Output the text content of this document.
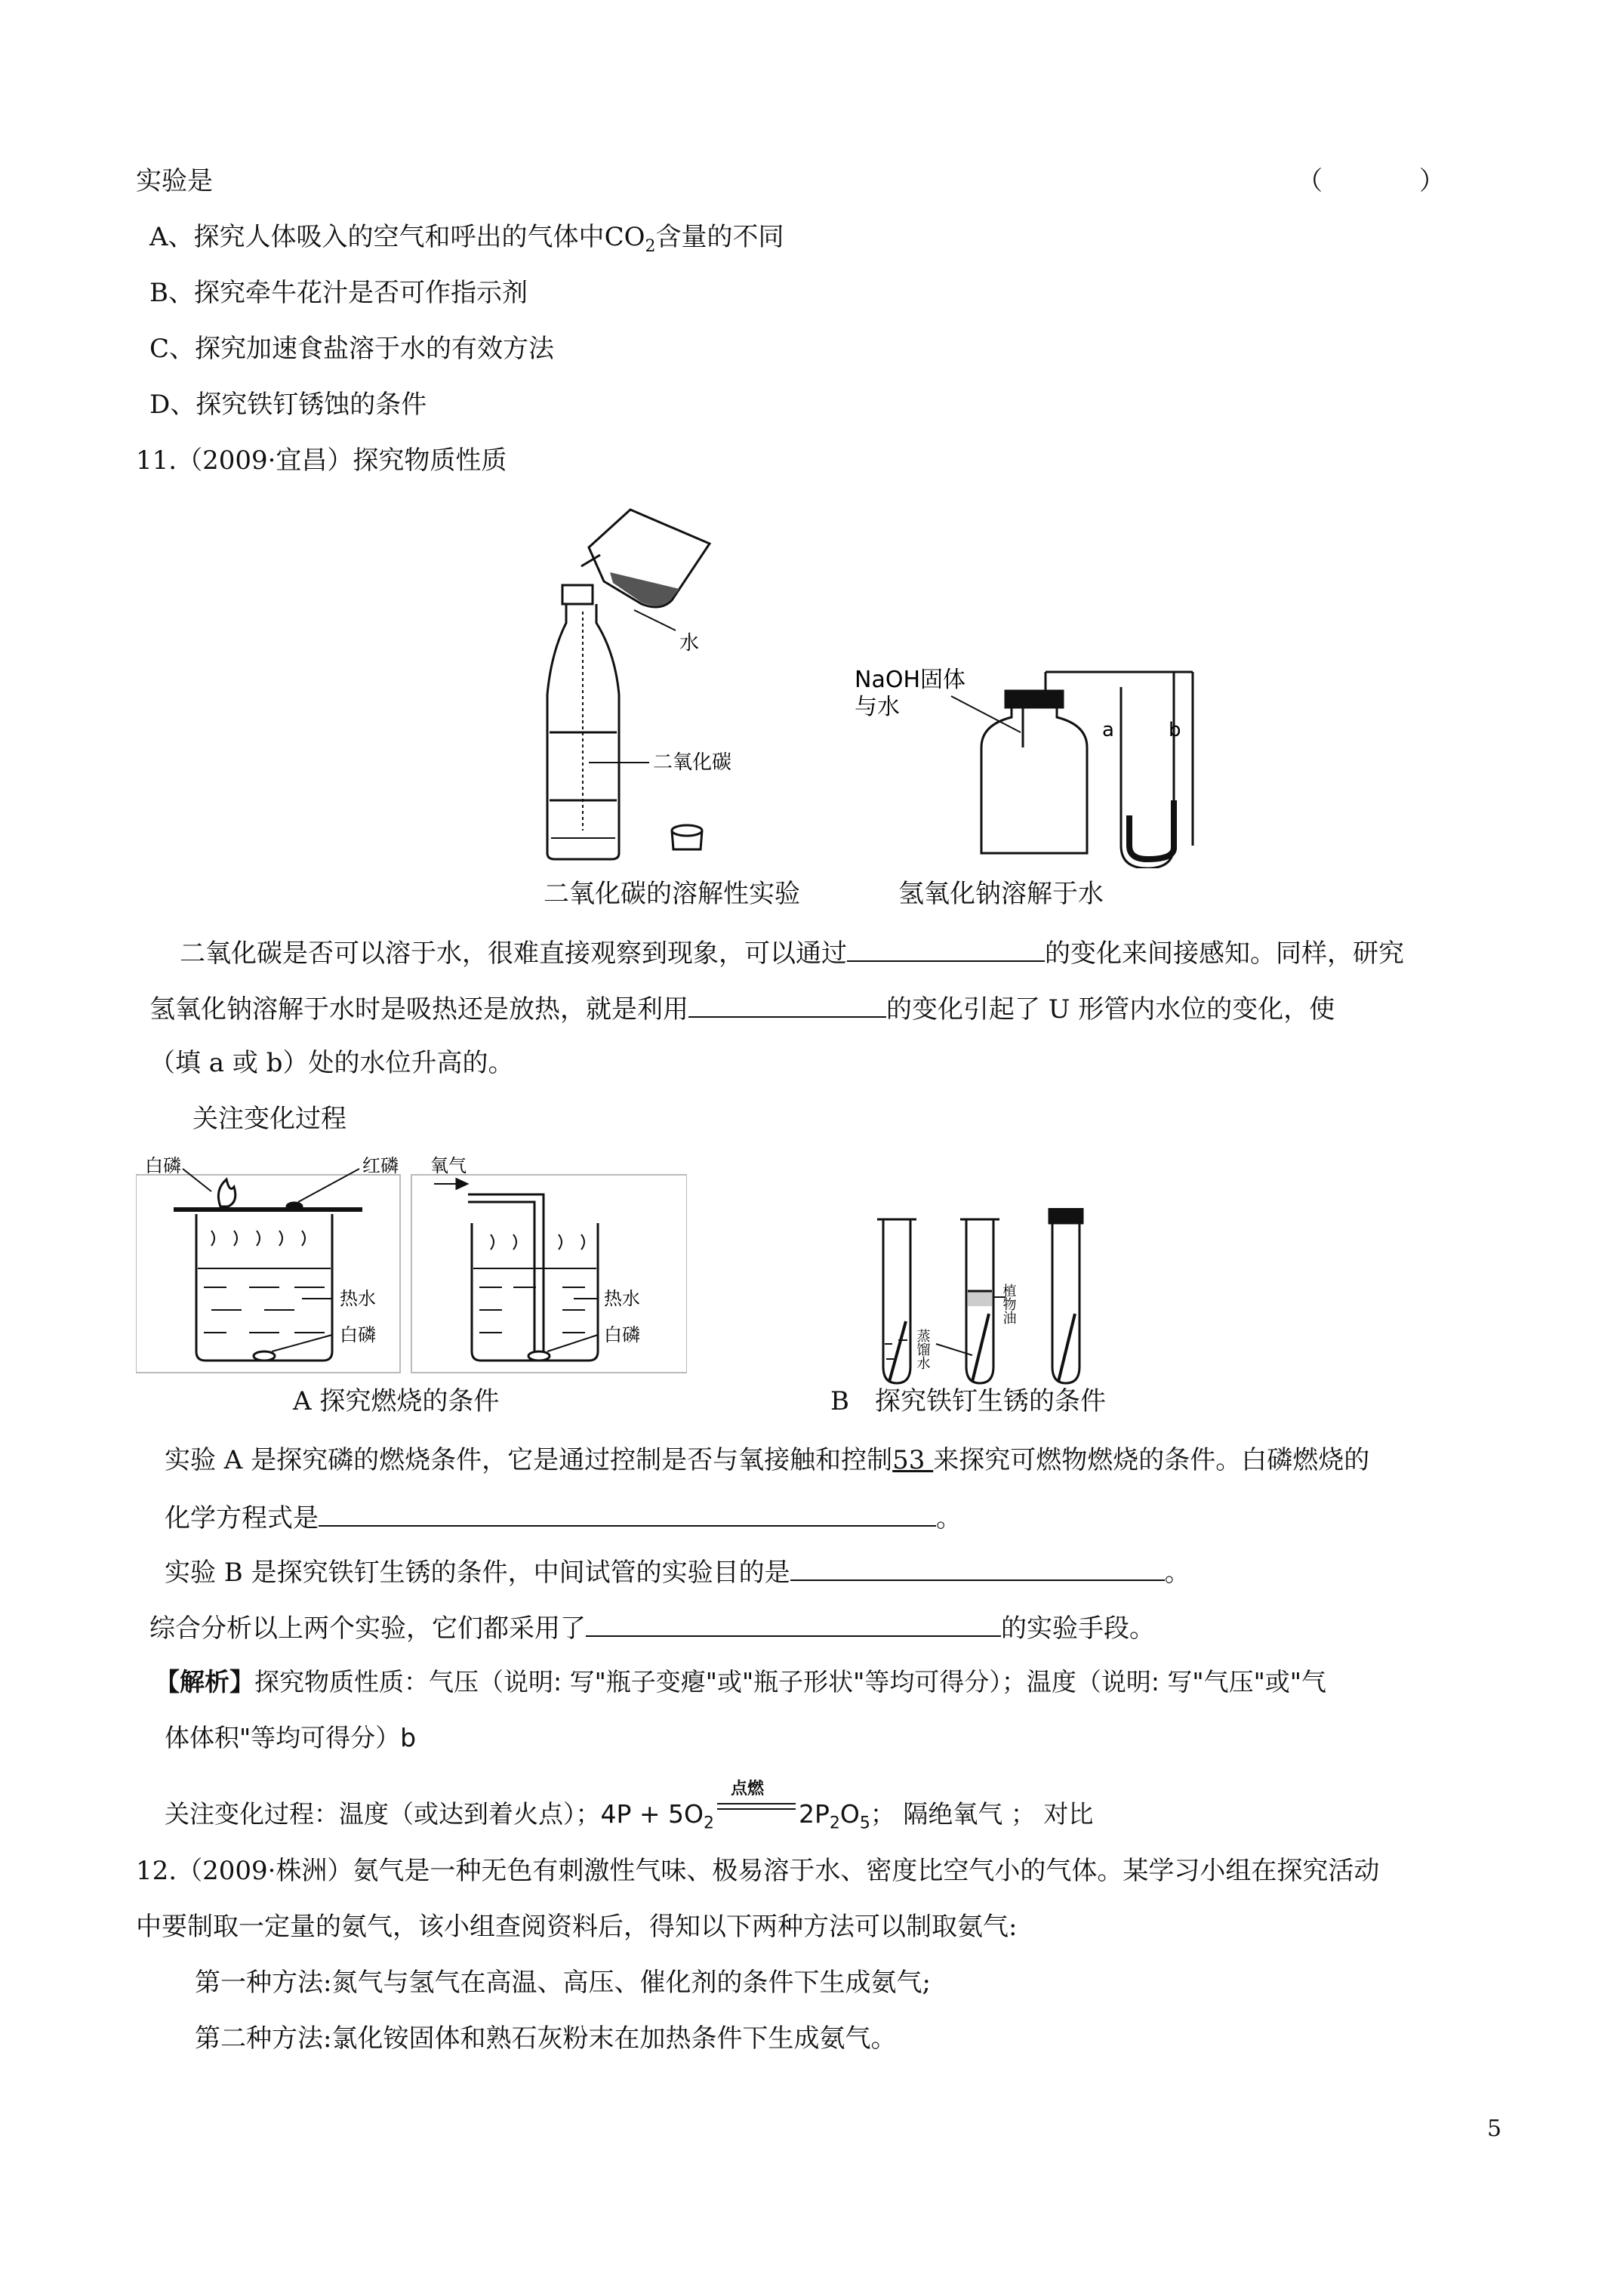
实验是	（	）
A、探究人体吸入的空气和呼出的气体中$CO_2$含量的不同
B、探究牵牛花汁是否可作指示剂
C、探究加速食盐溶于水的有效方法
D、探究铁钉锈蚀的条件
11.（2009·宜昌）探究物质性质
水
二氧化碳
NaOH固体
与水
a	b
二氧化碳的溶解性实验	氢氧化钠溶解于水
二氧化碳是否可以溶于水，很难直接观察到现象，可以通过	的变化来间接感知。同样，研究
氢氧化钠溶解于水时是吸热还是放热，就是利用	的变化引起了 U 形管内水位的变化，使
（填 a 或 b）处的水位升高的。
关注变化过程
白磷	红磷
热水
白磷
氧气
热水
白磷	蒸馏水
植物油
A 探究燃烧的条件	B　探究铁钉生锈的条件
实验 A 是探究磷的燃烧条件，它是通过控制是否与氧接触和控制53 来探究可燃物燃烧的条件。白磷燃烧的
化学方程式是	。
实验 B 是探究铁钉生锈的条件，中间试管的实验目的是	。
综合分析以上两个实验，它们都采用了	的实验手段。
【解析】探究物质性质：气压（说明: 写"瓶子变瘪"或"瓶子形状"等均可得分）；温度（说明: 写"气压"或"气
体体积"等均可得分）b
关注变化过程：温度（或达到着火点）；$4P + 5O_2$
点燃
$2P_2O_5$； 隔绝氧气 ； 对比
12.（2009·株洲）氨气是一种无色有刺激性气味、极易溶于水、密度比空气小的气体。某学习小组在探究活动
中要制取一定量的氨气，该小组查阅资料后，得知以下两种方法可以制取氨气:
第一种方法:氮气与氢气在高温、高压、催化剂的条件下生成氨气;
第二种方法:氯化铵固体和熟石灰粉末在加热条件下生成氨气。
5
